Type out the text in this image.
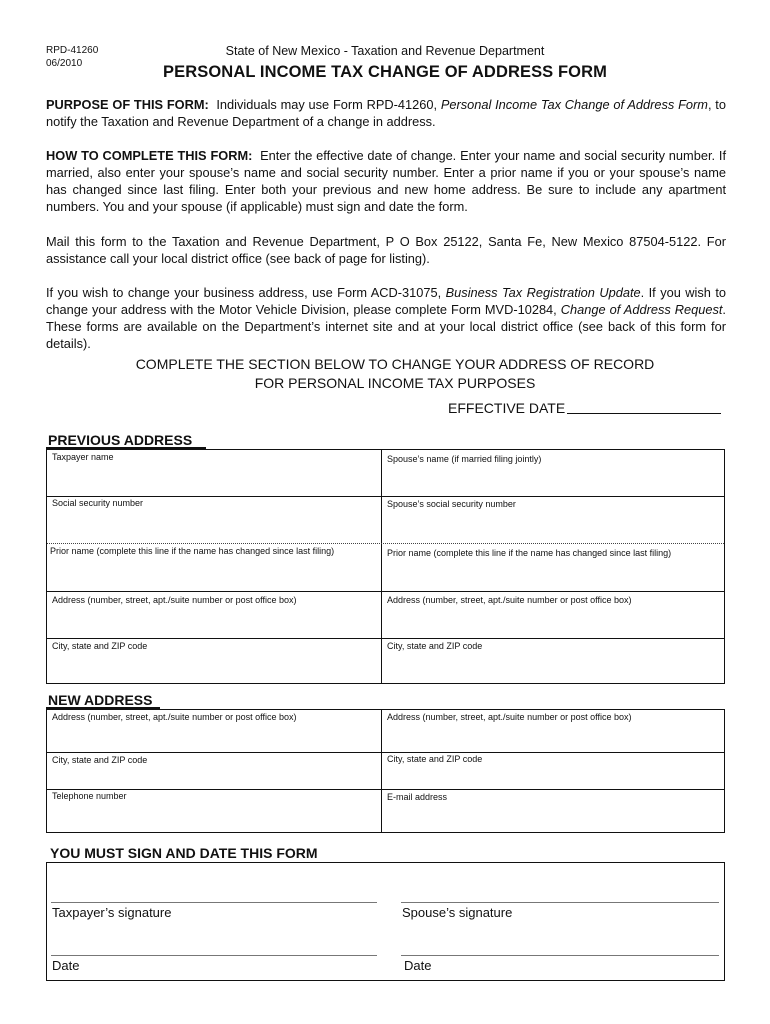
RPD-41260
06/2010
State of New Mexico - Taxation and Revenue Department
PERSONAL INCOME TAX CHANGE OF ADDRESS FORM

PURPOSE OF THIS FORM: Individuals may use Form RPD-41260, Personal Income Tax Change of Address Form, to notify the Taxation and Revenue Department of a change in address.

HOW TO COMPLETE THIS FORM: Enter the effective date of change. Enter your name and social security number. If married, also enter your spouse’s name and social security number. Enter a prior name if you or your spouse’s name has changed since last filing. Enter both your previous and new home address. Be sure to include any apartment numbers. You and your spouse (if applicable) must sign and date the form.

Mail this form to the Taxation and Revenue Department, P O Box 25122, Santa Fe, New Mexico 87504-5122. For assistance call your local district office (see back of page for listing).

If you wish to change your business address, use Form ACD-31075, Business Tax Registration Update. If you wish to change your address with the Motor Vehicle Division, please complete Form MVD-10284, Change of Address Request. These forms are available on the Department’s internet site and at your local district office (see back of this form for details).

COMPLETE THE SECTION BELOW TO CHANGE YOUR ADDRESS OF RECORD
FOR PERSONAL INCOME TAX PURPOSES
EFFECTIVE DATE
PREVIOUS ADDRESS
Taxpayer name	Spouse’s name (if married filing jointly)
Social security number	Spouse’s social security number
Prior name (complete this line if the name has changed since last filing)	Prior name (complete this line if the name has changed since last filing)
Address (number, street, apt./suite number or post office box)	Address (number, street, apt./suite number or post office box)
City, state and ZIP code	City, state and ZIP code
NEW ADDRESS
Address (number, street, apt./suite number or post office box)	Address (number, street, apt./suite number or post office box)
City, state and ZIP code	City, state and ZIP code
Telephone number	E-mail address
YOU MUST SIGN AND DATE THIS FORM
Taxpayer’s signature	Spouse’s signature
Date	Date
